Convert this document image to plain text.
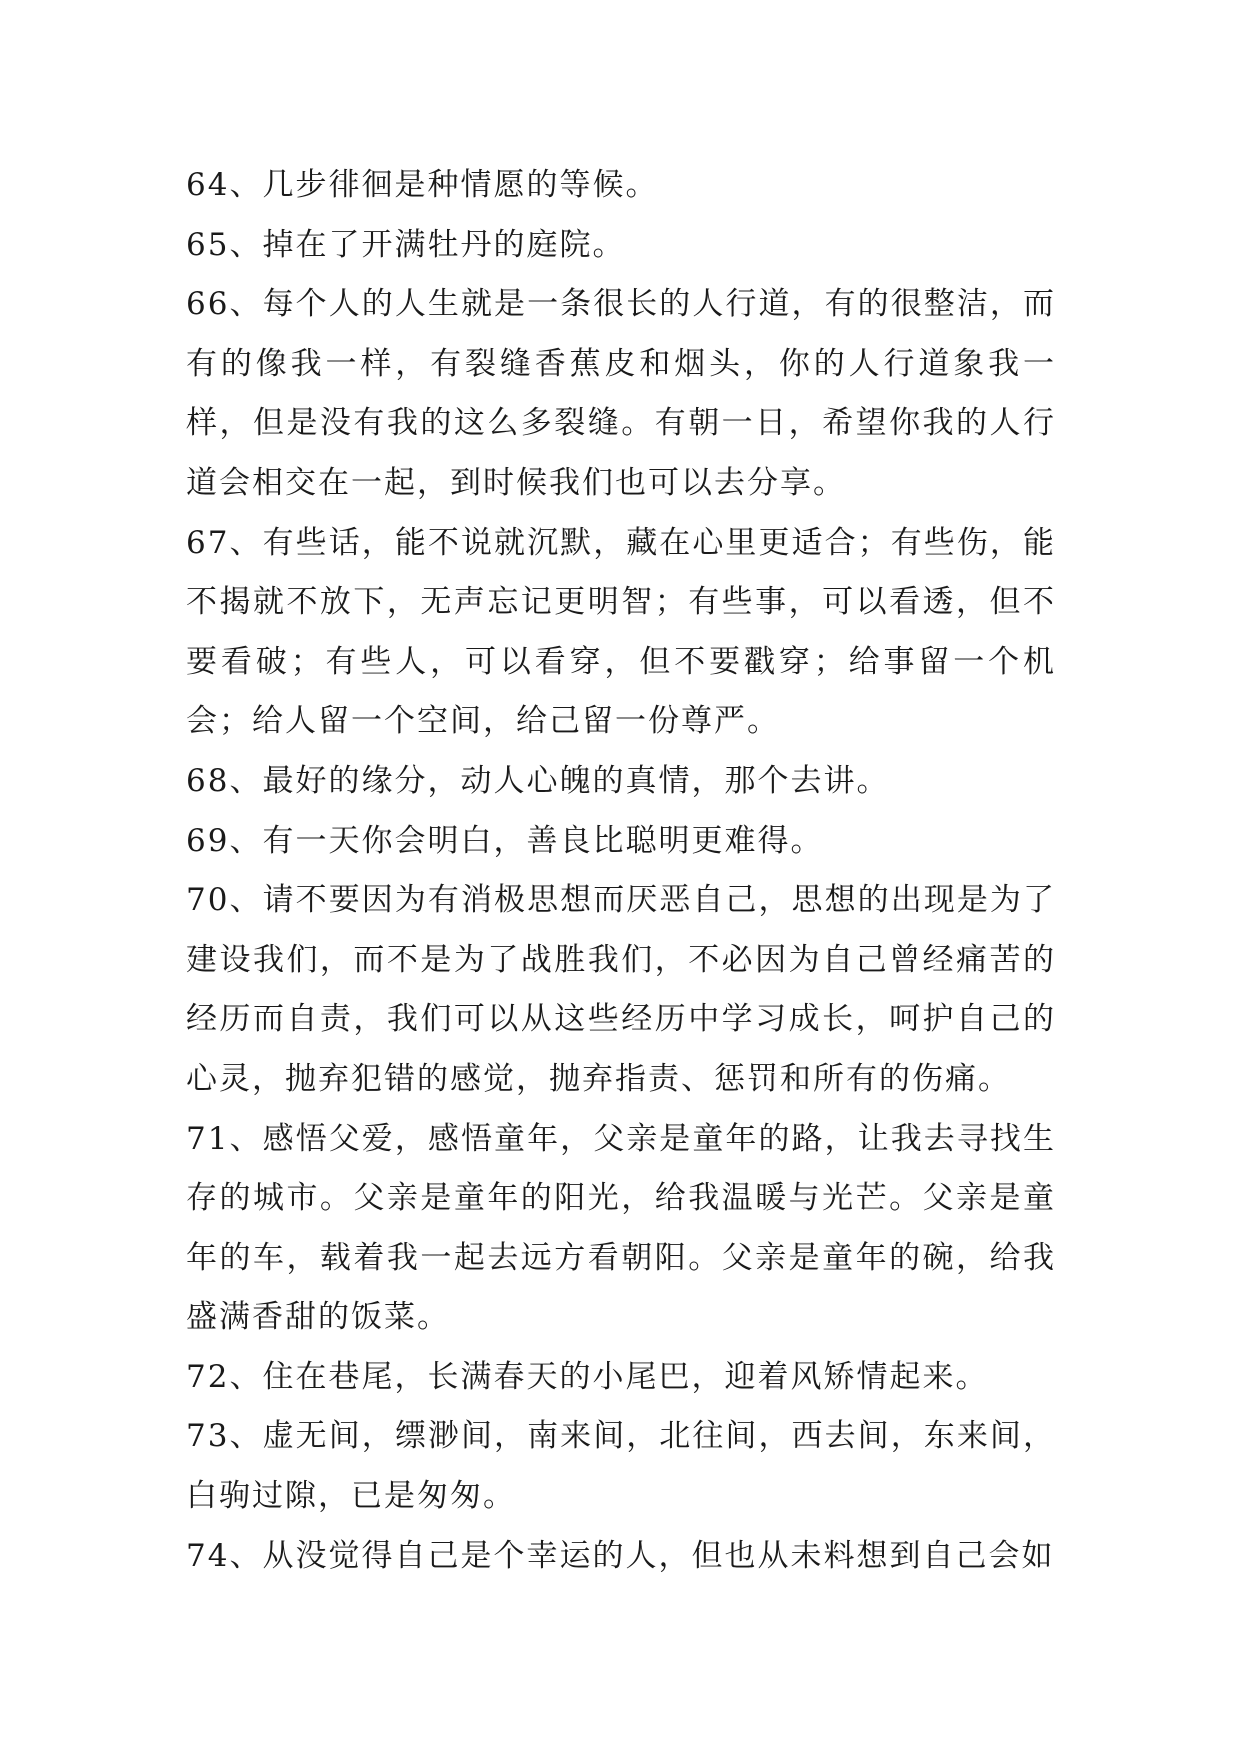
64、几步徘徊是种情愿的等候。

65、掉在了开满牡丹的庭院。

66、每个人的人生就是一条很长的人行道，有的很整洁，而有的像我一样，有裂缝香蕉皮和烟头，你的人行道象我一样，但是没有我的这么多裂缝。有朝一日，希望你我的人行道会相交在一起，到时候我们也可以去分享。

67、有些话，能不说就沉默，藏在心里更适合；有些伤，能不揭就不放下，无声忘记更明智；有些事，可以看透，但不要看破；有些人，可以看穿，但不要戳穿；给事留一个机会；给人留一个空间，给己留一份尊严。

68、最好的缘分，动人心魄的真情，那个去讲。

69、有一天你会明白，善良比聪明更难得。

70、请不要因为有消极思想而厌恶自己，思想的出现是为了建设我们，而不是为了战胜我们，不必因为自己曾经痛苦的经历而自责，我们可以从这些经历中学习成长，呵护自己的心灵，抛弃犯错的感觉，抛弃指责、惩罚和所有的伤痛。

71、感悟父爱，感悟童年，父亲是童年的路，让我去寻找生存的城市。父亲是童年的阳光，给我温暖与光芒。父亲是童年的车，载着我一起去远方看朝阳。父亲是童年的碗，给我盛满香甜的饭菜。

72、住在巷尾，长满春天的小尾巴，迎着风矫情起来。

73、虚无间，缥渺间，南来间，北往间，西去间，东来间，白驹过隙，已是匆匆。

74、从没觉得自己是个幸运的人，但也从未料想到自己会如
